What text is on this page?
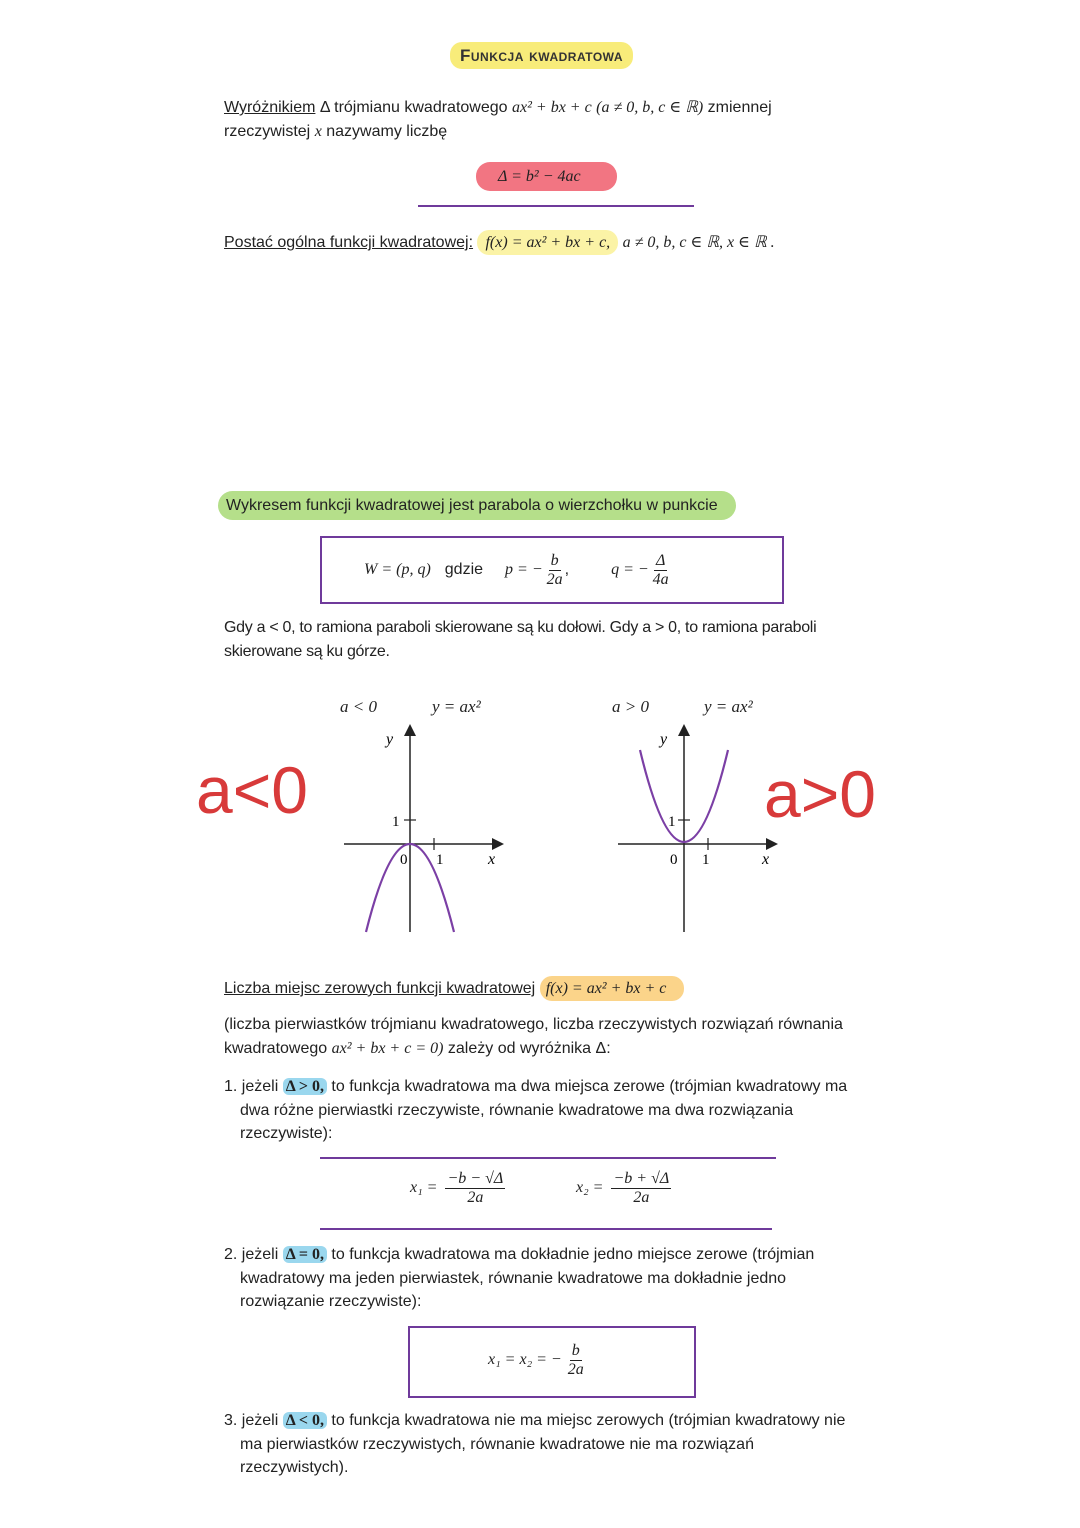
Funkcja kwadratowa
Wyróżnikiem Δ trójmianu kwadratowego ax² + bx + c (a ≠ 0, b, c ∈ ℝ) zmiennej
rzeczywistej x nazywamy liczbę
Δ = b² − 4ac
Postać ogólna funkcji kwadratowej: f(x) = ax² + bx + c, a ≠ 0, b, c ∈ ℝ, x ∈ ℝ .
Wykresem funkcji kwadratowej jest parabola o wierzchołku w punkcie
W = (p, q) gdzie p = − $\frac{b}{2a}$ ,	q = − $\frac{\Delta}{4a}$
Gdy a < 0, to ramiona paraboli skierowane są ku dołowi. Gdy a > 0, to ramiona paraboli
skierowane są ku górze.
a < 0	y = ax²	a > 0	y = ax²
a<0	a>0
y
x
1
0 1
y
x
1
0 1
Liczba miejsc zerowych funkcji kwadratowej f(x) = ax² + bx + c
(liczba pierwiastków trójmianu kwadratowego, liczba rzeczywistych rozwiązań równania
kwadratowego ax² + bx + c = 0) zależy od wyróżnika Δ:
1. jeżeli Δ > 0, to funkcja kwadratowa ma dwa miejsca zerowe (trójmian kwadratowy ma
dwa różne pierwiastki rzeczywiste, równanie kwadratowe ma dwa rozwiązania
rzeczywiste):
$x_1 = \frac{-b - √\Delta}{2a}$	$x_2 = \frac{-b + √\Delta}{2a}$
2. jeżeli Δ = 0, to funkcja kwadratowa ma dokładnie jedno miejsce zerowe (trójmian
kwadratowy ma jeden pierwiastek, równanie kwadratowe ma dokładnie jedno
rozwiązanie rzeczywiste):
x₁ = x₂ = − $\frac{b}{2a}$
3. jeżeli Δ < 0, to funkcja kwadratowa nie ma miejsc zerowych (trójmian kwadratowy nie
ma pierwiastków rzeczywistych, równanie kwadratowe nie ma rozwiązań
rzeczywistych).
